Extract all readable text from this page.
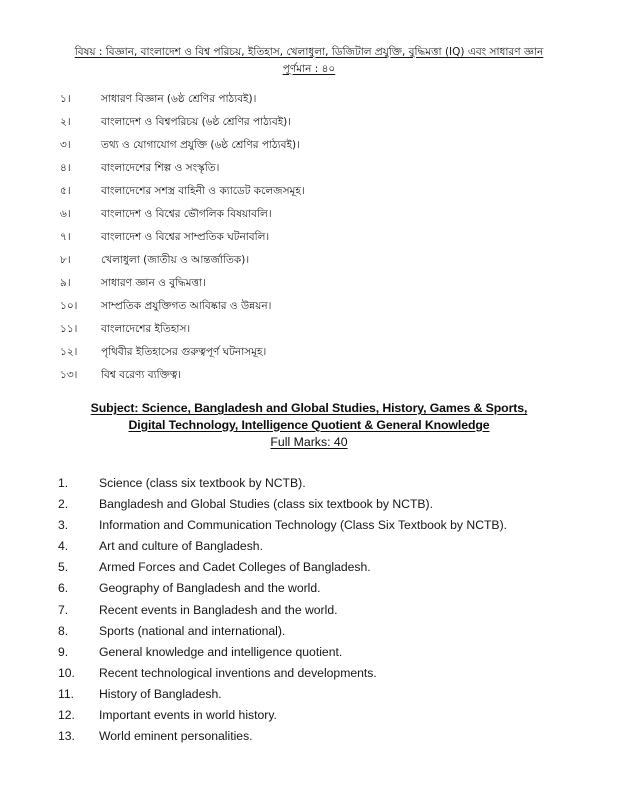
বিষয় : বিজ্ঞান, বাংলাদেশ ও বিশ্ব পরিচয়, ইতিহাস, খেলাধুলা, ডিজিটাল প্রযুক্তি, বুদ্ধিমত্তা (IQ) এবং সাধারণ জ্ঞান
পূর্ণমান : ৪০
১।	সাধারণ বিজ্ঞান (৬ষ্ঠ শ্রেণির পাঠ্যবই)।
২।	বাংলাদেশ ও বিশ্বপরিচয় (৬ষ্ঠ শ্রেণির পাঠ্যবই)।
৩।	তথ্য ও যোগাযোগ প্রযুক্তি (৬ষ্ঠ শ্রেণির পাঠ্যবই)।
৪।	বাংলাদেশের শিল্প ও সংস্কৃতি।
৫।	বাংলাদেশের সশস্ত্র বাহিনী ও ক্যাডেট কলেজসমূহ।
৬।	বাংলাদেশ ও বিশ্বের ভৌগলিক বিষয়াবলি।
৭।	বাংলাদেশ ও বিশ্বের সাম্প্রতিক ঘটনাবলি।
৮।	খেলাধুলা (জাতীয় ও আন্তর্জাতিক)।
৯।	সাধারণ জ্ঞান ও বুদ্ধিমত্তা।
১০।	সাম্প্রতিক প্রযুক্তিগত আবিষ্কার ও উন্নয়ন।
১১।	বাংলাদেশের ইতিহাস।
১২।	পৃথিবীর ইতিহাসের গুরুত্বপূর্ণ ঘটনাসমূহ।
১৩।	বিশ্ব বরেণ্য ব্যক্তিত্ব।
Subject: Science, Bangladesh and Global Studies, History, Games & Sports,
Digital Technology, Intelligence Quotient & General Knowledge
Full Marks: 40
1.	Science (class six textbook by NCTB).
2.	Bangladesh and Global Studies (class six textbook by NCTB).
3.	Information and Communication Technology (Class Six Textbook by NCTB).
4.	Art and culture of Bangladesh.
5.	Armed Forces and Cadet Colleges of Bangladesh.
6.	Geography of Bangladesh and the world.
7.	Recent events in Bangladesh and the world.
8.	Sports (national and international).
9.	General knowledge and intelligence quotient.
10.	Recent technological inventions and developments.
11.	History of Bangladesh.
12.	Important events in world history.
13.	World eminent personalities.
